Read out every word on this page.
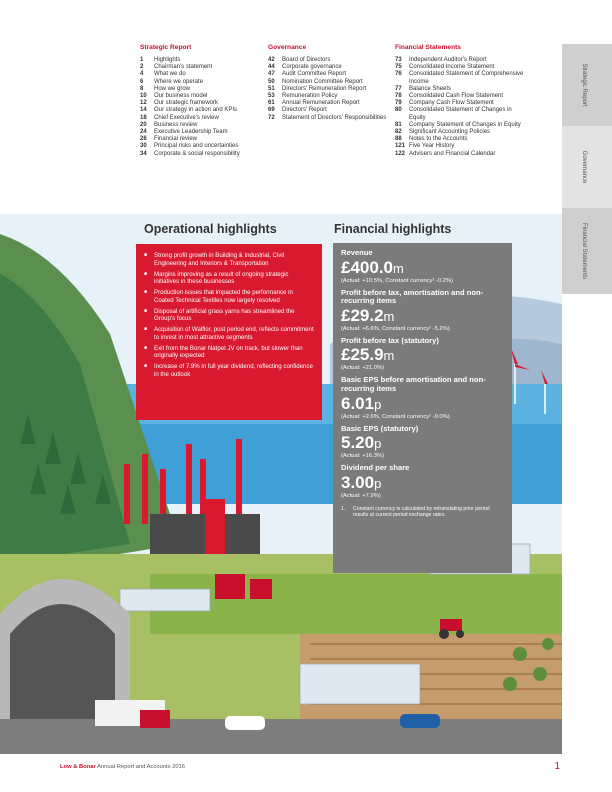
Strategic Report
1	Highlights
2	Chairman's statement
4	What we do
6	Where we operate
8	How we grow
10	Our business model
12	Our strategic framework
14	Our strategy in action and KPIs
18	Chief Executive's review
20	Business review
24	Executive Leadership Team
26	Financial review
30	Principal risks and uncertainties
34	Corporate & social responsibility
Governance
42	Board of Directors
44	Corporate governance
47	Audit Committee Report
50	Nomination Committee Report
51	Directors' Remuneration Report
53	Remuneration Policy
61	Annual Remuneration Report
69	Directors' Report
72	Statement of Directors' Responsibilities
Financial Statements
73	Independent Auditor's Report
75	Consolidated Income Statement
76	Consolidated Statement of Comprehensive Income
77	Balance Sheets
78	Consolidated Cash Flow Statement
79	Company Cash Flow Statement
80	Consolidated Statement of Changes in Equity
81	Company Statement of Changes in Equity
82	Significant Accounting Policies
88	Notes to the Accounts
121 Five Year History
122 Advisers and Financial Calendar
Strategic Report
Governance
Financial Statements
Operational highlights
■	Strong profit growth in Building & Industrial, Civil Engineering and Interiors & Transportation
■	Margins improving as a result of ongoing strategic initiatives in these businesses
■	Production issues that impacted the performance in Coated Technical Textiles now largely resolved
■	Disposal of artificial grass yarns has streamlined the Group's focus
■	Acquisition of Walflor, post period end, reflects commitment to invest in most attractive segments
■	Exit from the Bonar Natpet JV on track, but slower than originally expected
■	Increase of 7.9% in full year dividend, reflecting confidence in the outlook
Financial highlights
Revenue
£400.0m
(Actual: +10.5%, Constant currency¹ -0.2%)
Profit before tax, amortisation and non-recurring items
£29.2m
(Actual: +6.6%, Constant currency¹ -5.2%)
Profit before tax (statutory)
£25.9m
(Actual: +21.0%)
Basic EPS before amortisation and non-recurring items
6.01p
(Actual: +2.6%, Constant currency¹ -9.0%)
Basic EPS (statutory)
5.20p
(Actual: +16.3%)
Dividend per share
3.00p
(Actual: +7.9%)
1.	Constant currency is calculated by retranslating prior period results at current period exchange rates.
Low & Bonar Annual Report and Accounts 2016	1
